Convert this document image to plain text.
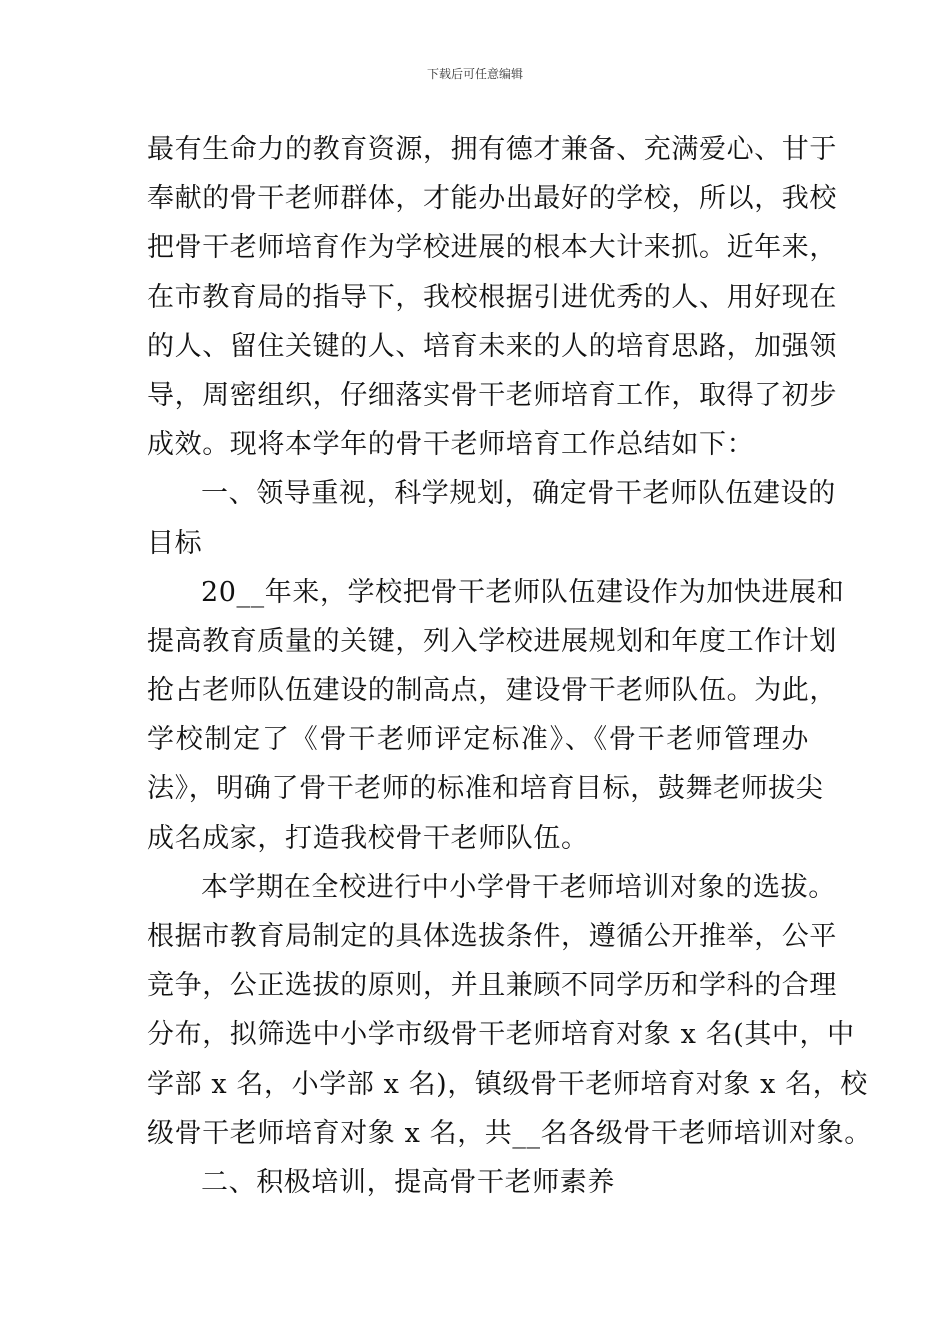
下载后可任意编辑
最有生命力的教育资源，拥有德才兼备、充满爱心、甘于
奉献的骨干老师群体，才能办出最好的学校，所以，我校
把骨干老师培育作为学校进展的根本大计来抓。近年来，
在市教育局的指导下，我校根据引进优秀的人、用好现在
的人、留住关键的人、培育未来的人的培育思路，加强领
导，周密组织，仔细落实骨干老师培育工作，取得了初步
成效。现将本学年的骨干老师培育工作总结如下：
一、领导重视，科学规划，确定骨干老师队伍建设的
目标
20__年来，学校把骨干老师队伍建设作为加快进展和
提高教育质量的关键，列入学校进展规划和年度工作计划
抢占老师队伍建设的制高点，建设骨干老师队伍。为此，
学校制定了《骨干老师评定标准》、《骨干老师管理办
法》，明确了骨干老师的标准和培育目标，鼓舞老师拔尖
成名成家，打造我校骨干老师队伍。
本学期在全校进行中小学骨干老师培训对象的选拔。
根据市教育局制定的具体选拔条件，遵循公开推举，公平
竞争，公正选拔的原则，并且兼顾不同学历和学科的合理
分布，拟筛选中小学市级骨干老师培育对象 x 名(其中，中
学部 x 名，小学部 x 名)，镇级骨干老师培育对象 x 名，校
级骨干老师培育对象 x 名，共__名各级骨干老师培训对象。
二、积极培训，提高骨干老师素养
